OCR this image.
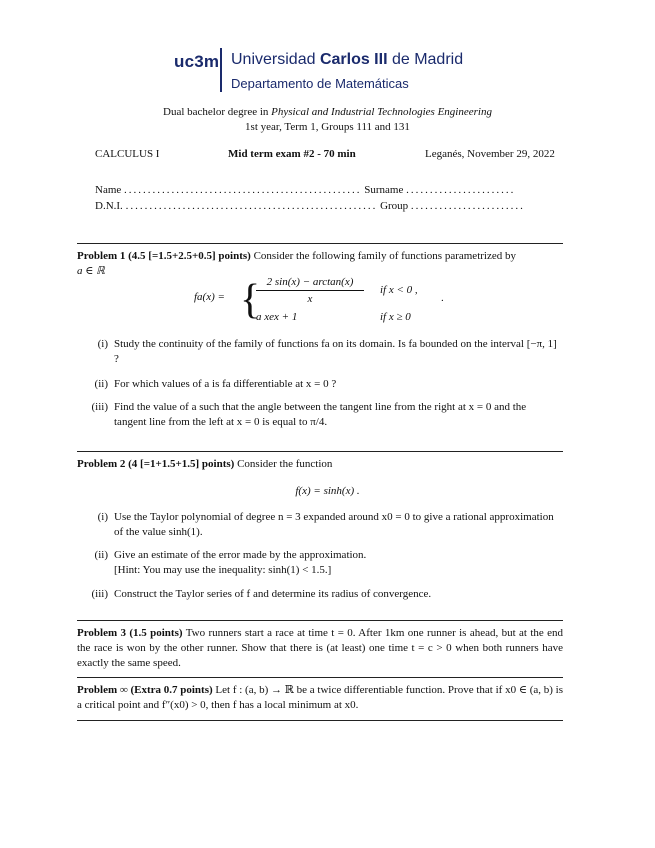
uc3m Universidad Carlos III de Madrid
Departamento de Matemáticas
Dual bachelor degree in Physical and Industrial Technologies Engineering
1st year, Term 1, Groups 111 and 131
CALCULUS I	Mid term exam #2 - 70 min	Leganés, November 29, 2022
Name .................................................. Surname .......................
D.N.I. ..................................................... Group ........................
Problem 1 (4.5 [=1.5+2.5+0.5] points) Consider the following family of functions parametrized by
a ∈ ℝ
fa(x) = { 2 sin(x) − arctan(x)
x
if x < 0 ,
.
a xex + 1	if x ≥ 0
(i) Study the continuity of the family of functions fa on its domain. Is fa bounded on the interval [−π, 1] ?
(ii) For which values of a is fa differentiable at x = 0 ?
(iii) Find the value of a such that the angle between the tangent line from the right at x = 0 and the tangent line from the left at x = 0 is equal to π/4.
Problem 2 (4 [=1+1.5+1.5] points) Consider the function
f(x) = sinh(x) .
(i) Use the Taylor polynomial of degree n = 3 expanded around x0 = 0 to give a rational approximation of the value sinh(1).
(ii) Give an estimate of the error made by the approximation.
[Hint: You may use the inequality: sinh(1) < 1.5.]
(iii) Construct the Taylor series of f and determine its radius of convergence.
Problem 3 (1.5 points) Two runners start a race at time t = 0. After 1km one runner is ahead, but at the end the race is won by the other runner. Show that there is (at least) one time t = c > 0 when both runners have exactly the same speed.
Problem ∞ (Extra 0.7 points) Let f : (a, b) → ℝ be a twice differentiable function. Prove that if x0 ∈ (a, b) is a critical point and f″(x0) > 0, then f has a local minimum at x0.
